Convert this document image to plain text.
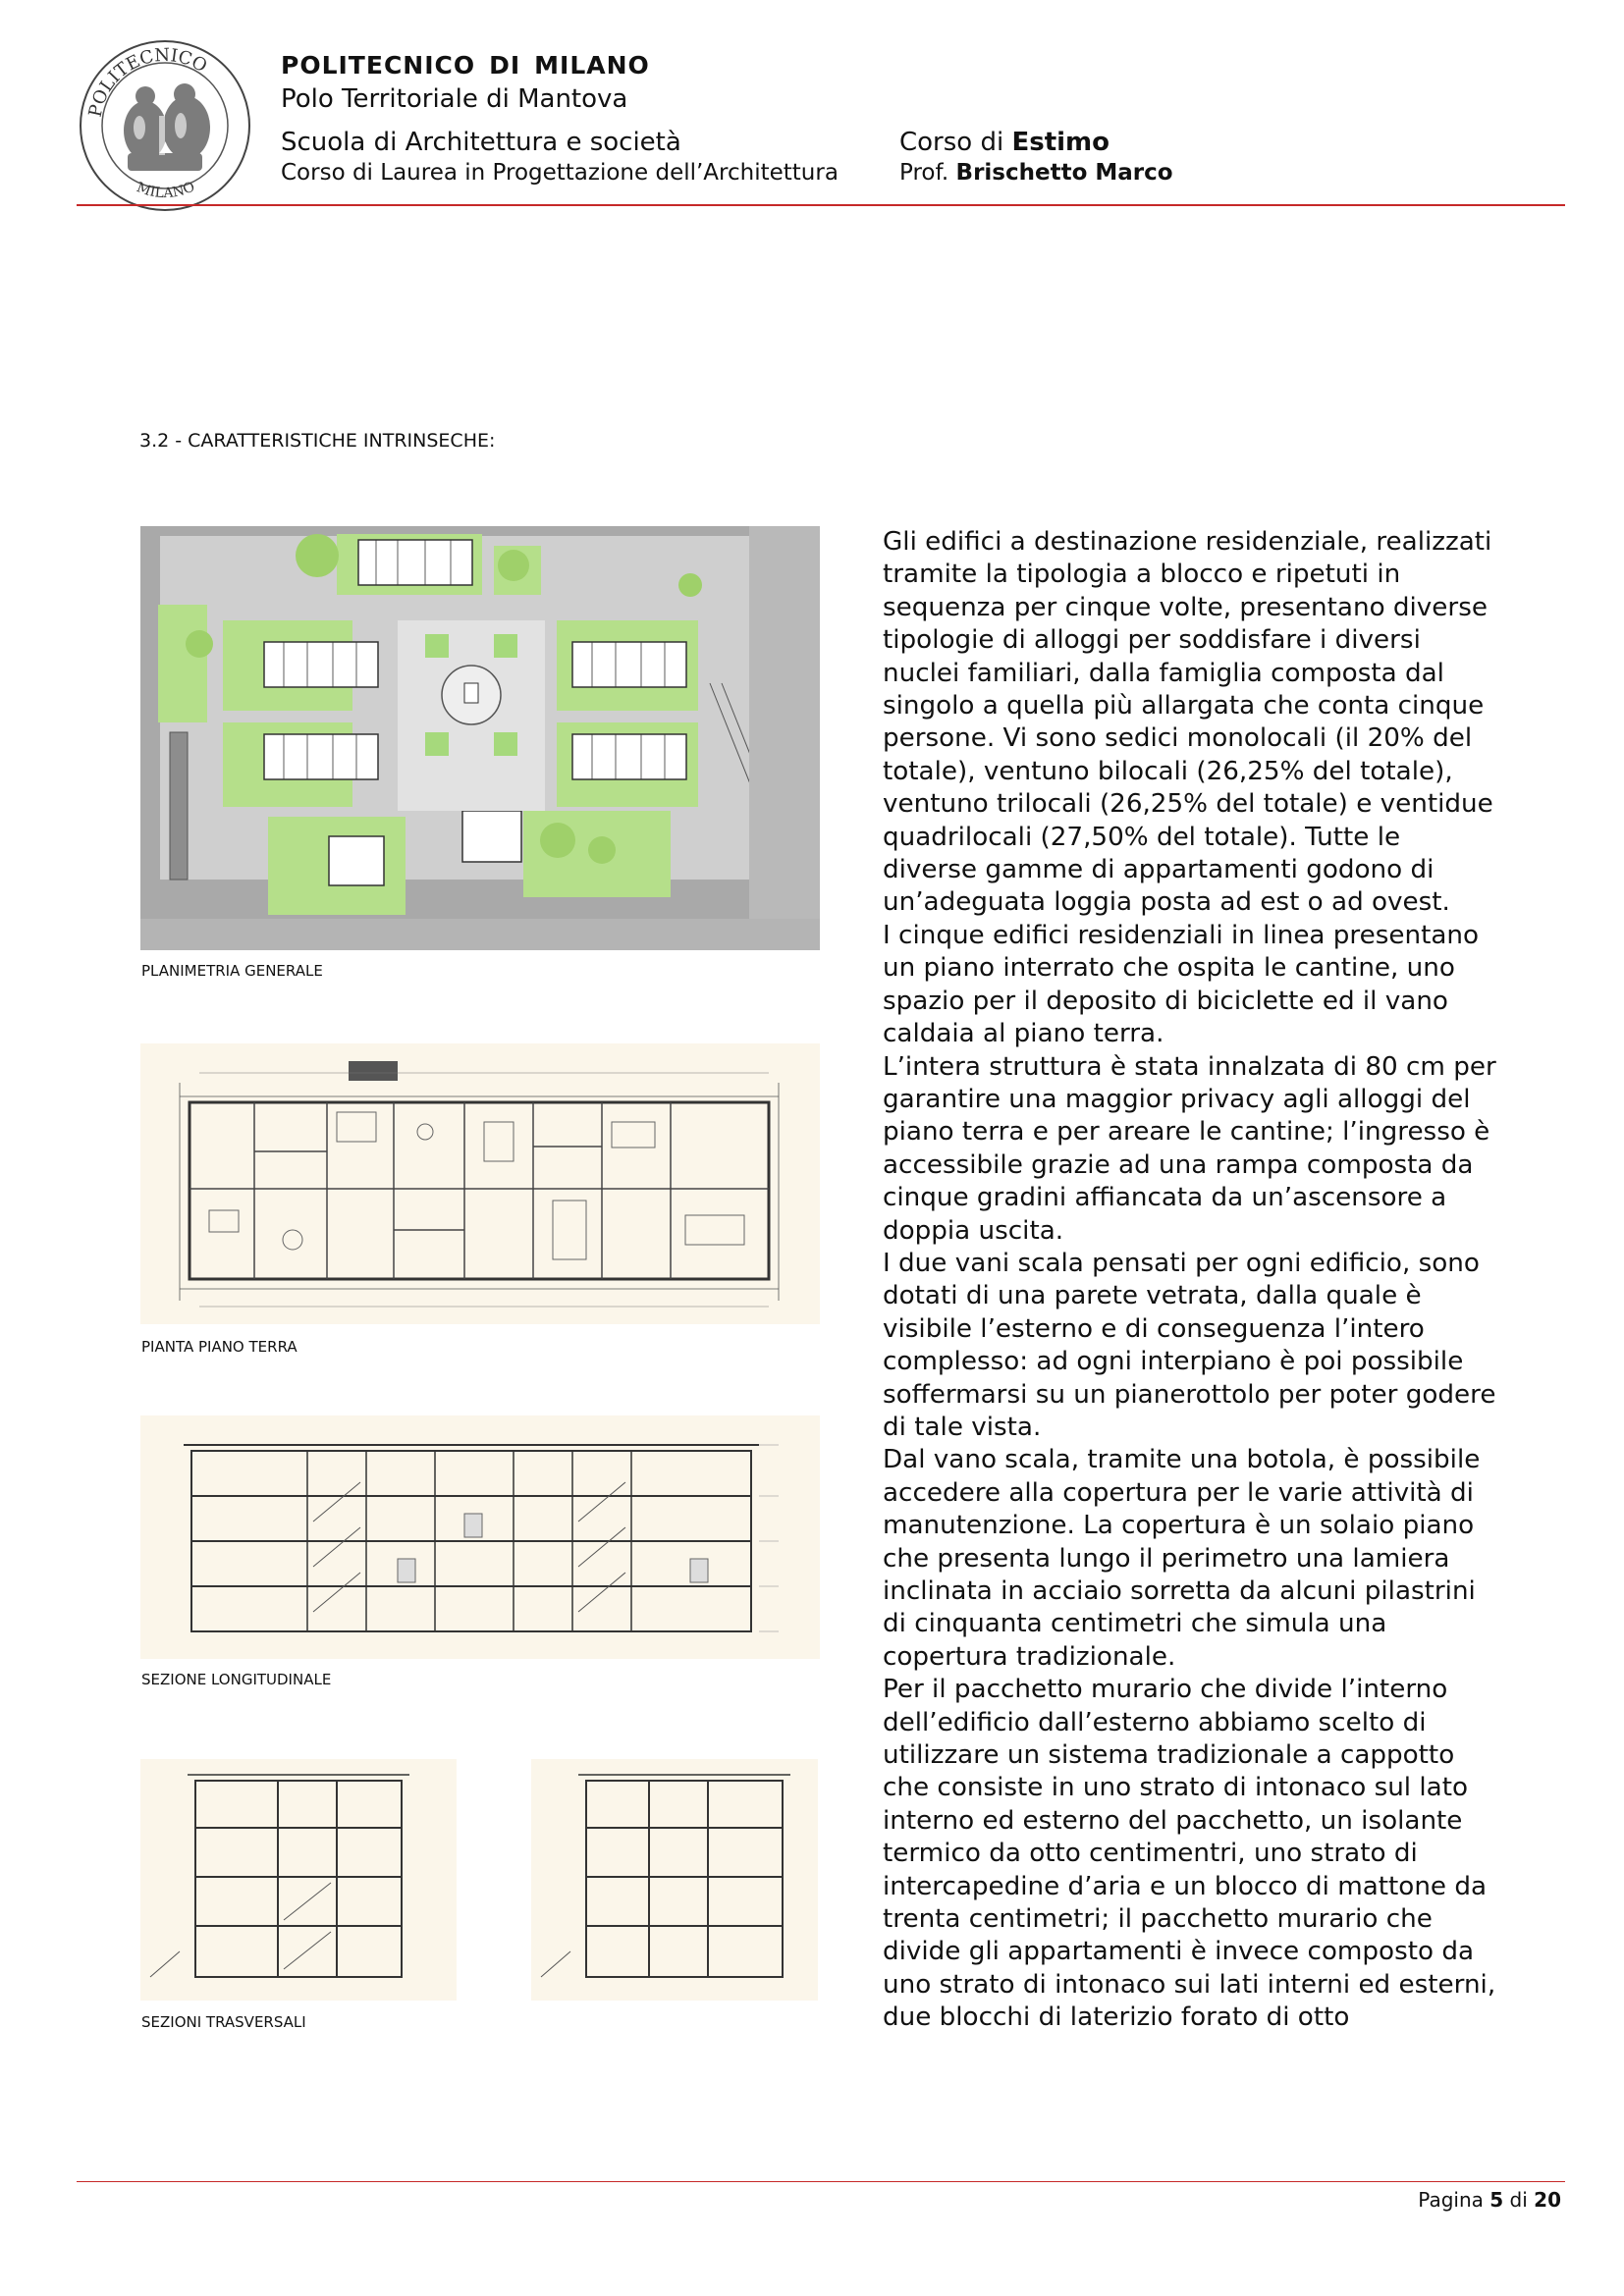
POLITECNICO
MILANO
POLITECNICO DI MILANO
Polo Territoriale di Mantova
Scuola di Architettura e società
Corso di Laurea in Progettazione dell’Architettura
Corso di Estimo
Prof. Brischetto Marco
3.2 - CARATTERISTICHE INTRINSECHE:
PLANIMETRIA GENERALE
PIANTA PIANO TERRA
SEZIONE LONGITUDINALE
SEZIONI TRASVERSALI

Gli edifici a destinazione residenziale, realizzati tramite la tipologia a blocco e ripetuti in sequenza per cinque volte, presentano diverse tipologie di alloggi per soddisfare i diversi nuclei familiari, dalla famiglia composta dal singolo a quella più allargata che conta cinque persone. Vi sono sedici monolocali (il 20% del totale), ventuno bilocali (26,25% del totale), ventuno trilocali (26,25% del totale) e ventidue quadrilocali (27,50% del totale). Tutte le diverse gamme di appartamenti godono di un’adeguata loggia posta ad est o ad ovest.

I cinque edifici residenziali in linea presentano un piano interrato che ospita le cantine, uno spazio per il deposito di biciclette ed il vano caldaia al piano terra.

L’intera struttura è stata innalzata di 80 cm per garantire una maggior privacy agli alloggi del piano terra e per areare le cantine; l’ingresso è accessibile grazie ad una rampa composta da cinque gradini affiancata da un’ascensore a doppia uscita.

I due vani scala pensati per ogni edificio, sono dotati di una parete vetrata, dalla quale è visibile l’esterno e di conseguenza l’intero complesso: ad ogni interpiano è poi possibile soffermarsi su un pianerottolo per poter godere di tale vista.

Dal vano scala, tramite una botola, è possibile accedere alla copertura per le varie attività di manutenzione. La copertura è un solaio piano che presenta lungo il perimetro una lamiera inclinata in acciaio sorretta da alcuni pilastrini di cinquanta centimetri che simula una copertura tradizionale.

Per il pacchetto murario che divide l’interno dell’edificio dall’esterno abbiamo scelto di utilizzare un sistema tradizionale a cappotto che consiste in uno strato di intonaco sul lato interno ed esterno del pacchetto, un isolante termico da otto centimentri, uno strato di intercapedine d’aria e un blocco di mattone da trenta centimetri; il pacchetto murario che divide gli appartamenti è invece composto da uno strato di intonaco sui lati interni ed esterni, due blocchi di laterizio forato di otto

Pagina 5 di 20
